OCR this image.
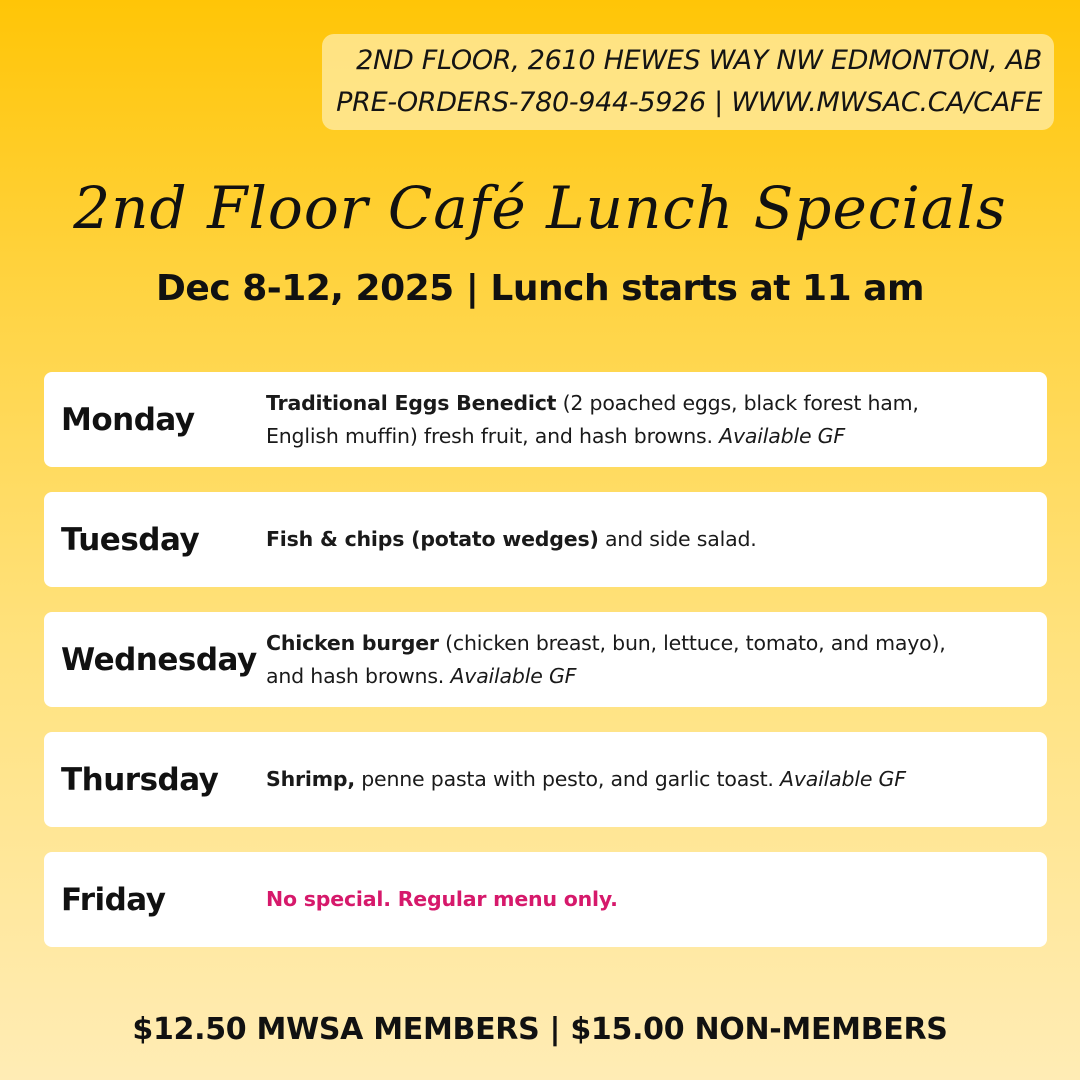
2ND FLOOR, 2610 HEWES WAY NW EDMONTON, AB
PRE-ORDERS-780-944-5926 | WWW.MWSAC.CA/CAFE
2nd Floor Café Lunch Specials
Dec 8-12, 2025 | Lunch starts at 11 am
Monday	Traditional Eggs Benedict (2 poached eggs, black forest ham,
English muffin) fresh fruit, and hash browns. Available GF
Tuesday	Fish & chips (potato wedges) and side salad.
Wednesday Chicken burger (chicken breast, bun, lettuce, tomato, and mayo),
and hash browns. Available GF
Thursday Shrimp, penne pasta with pesto, and garlic toast. Available GF
Friday	No special. Regular menu only.
$12.50 MWSA MEMBERS | $15.00 NON-MEMBERS
